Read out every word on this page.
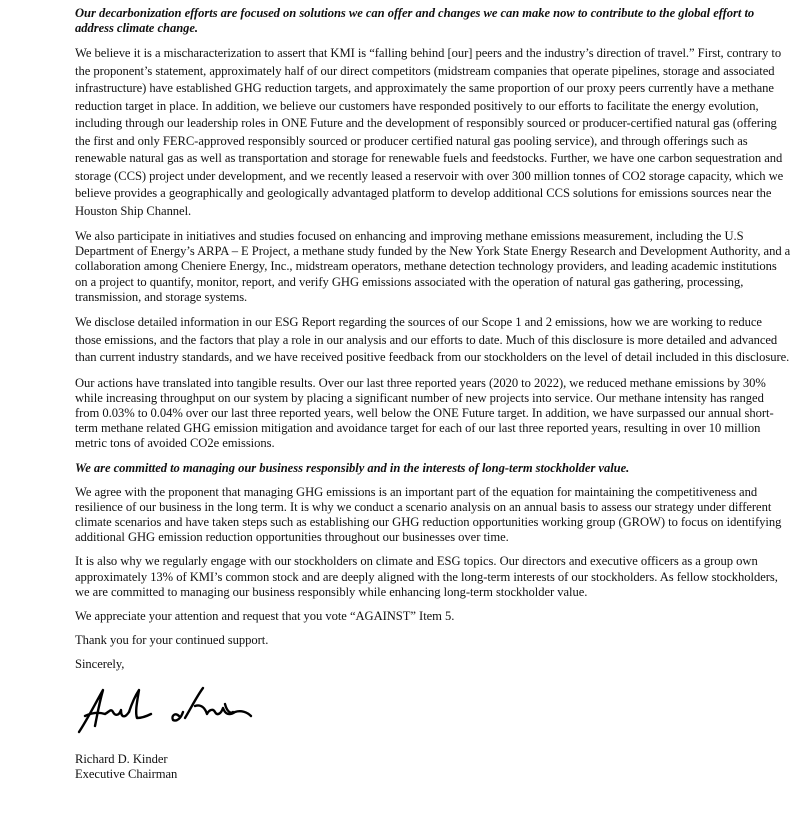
Our decarbonization efforts are focused on solutions we can offer and changes we can make now to contribute to the global effort to address climate change.

We believe it is a mischaracterization to assert that KMI is “falling behind [our] peers and the industry’s direction of travel.” First, contrary to the proponent’s statement, approximately half of our direct competitors (midstream companies that operate pipelines, storage and associated infrastructure) have established GHG reduction targets, and approximately the same proportion of our proxy peers currently have a methane reduction target in place. In addition, we believe our customers have responded positively to our efforts to facilitate the energy evolution, including through our leadership roles in ONE Future and the development of responsibly sourced or producer-certified natural gas (offering the first and only FERC-approved responsibly sourced or producer certified natural gas pooling service), and through offerings such as renewable natural gas as well as transportation and storage for renewable fuels and feedstocks. Further, we have one carbon sequestration and storage (CCS) project under development, and we recently leased a reservoir with over 300 million tonnes of CO2 storage capacity, which we believe provides a geographically and geologically advantaged platform to develop additional CCS solutions for emissions sources near the Houston Ship Channel.

We also participate in initiatives and studies focused on enhancing and improving methane emissions measurement, including the U.S Department of Energy’s ARPA – E Project, a methane study funded by the New York State Energy Research and Development Authority, and a collaboration among Cheniere Energy, Inc., midstream operators, methane detection technology providers, and leading academic institutions on a project to quantify, monitor, report, and verify GHG emissions associated with the operation of natural gas gathering, processing, transmission, and storage systems.

We disclose detailed information in our ESG Report regarding the sources of our Scope 1 and 2 emissions, how we are working to reduce those emissions, and the factors that play a role in our analysis and our efforts to date. Much of this disclosure is more detailed and advanced than current industry standards, and we have received positive feedback from our stockholders on the level of detail included in this disclosure.

Our actions have translated into tangible results. Over our last three reported years (2020 to 2022), we reduced methane emissions by 30% while increasing throughput on our system by placing a significant number of new projects into service. Our methane intensity has ranged from 0.03% to 0.04% over our last three reported years, well below the ONE Future target. In addition, we have surpassed our annual short-term methane related GHG emission mitigation and avoidance target for each of our last three reported years, resulting in over 10 million metric tons of avoided CO2e emissions.

We are committed to managing our business responsibly and in the interests of long-term stockholder value.

We agree with the proponent that managing GHG emissions is an important part of the equation for maintaining the competitiveness and resilience of our business in the long term. It is why we conduct a scenario analysis on an annual basis to assess our strategy under different climate scenarios and have taken steps such as establishing our GHG reduction opportunities working group (GROW) to focus on identifying additional GHG emission reduction opportunities throughout our businesses over time.

It is also why we regularly engage with our stockholders on climate and ESG topics. Our directors and executive officers as a group own approximately 13% of KMI’s common stock and are deeply aligned with the long-term interests of our stockholders. As fellow stockholders, we are committed to managing our business responsibly while enhancing long-term stockholder value.

We appreciate your attention and request that you vote “AGAINST” Item 5.

Thank you for your continued support.

Sincerely,

Richard D. Kinder

Executive Chairman
